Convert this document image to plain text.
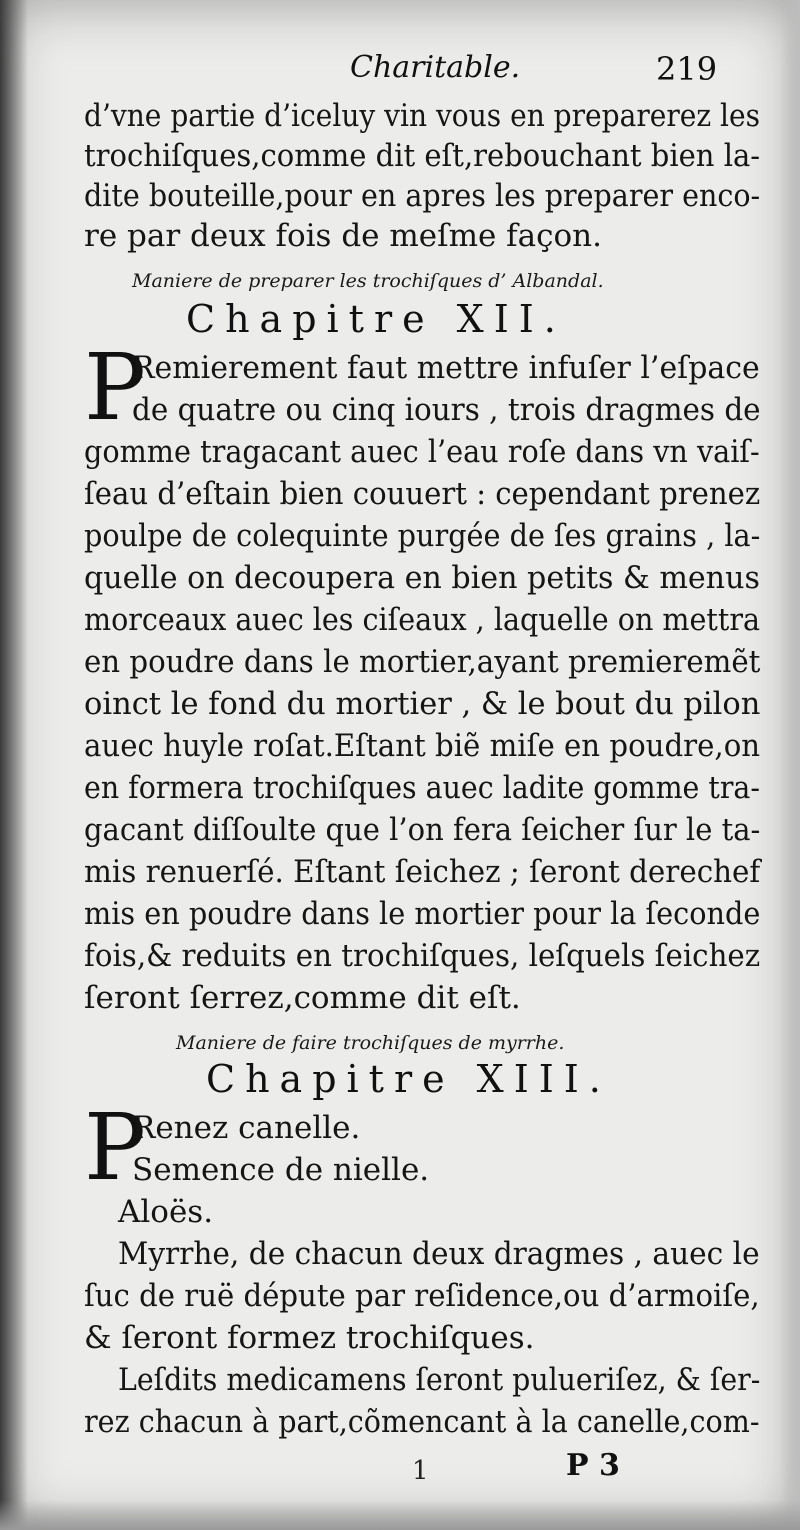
Charitable.	219
d’vne partie d’iceluy vin vous en preparerez les
trochiſques,comme dit eſt,rebouchant bien la-
dite bouteille,pour en apres les preparer enco-
re par deux fois de meſme façon.
Maniere de preparer les trochiſques d’ Albandal.
Chapitre XII.
P
Remierement faut mettre infuſer l’eſpace
de quatre ou cinq iours , trois dragmes de
gomme tragacant auec l’eau roſe dans vn vaiſ-
ſeau d’eſtain bien couuert : cependant prenez
poulpe de colequinte purgée de ſes grains , la-
quelle on decoupera en bien petits & menus
morceaux auec les ciſeaux , laquelle on mettra
en poudre dans le mortier,ayant premieremẽt
oinct le fond du mortier , & le bout du pilon
auec huyle roſat.Eſtant biẽ miſe en poudre,on
en formera trochiſques auec ladite gomme tra-
gacant diſſoulte que l’on fera ſeicher ſur le ta-
mis renuerſé. Eſtant ſeichez ; ſeront derechef
mis en poudre dans le mortier pour la ſeconde
fois,& reduits en trochiſques, leſquels ſeichez
ſeront ſerrez,comme dit eſt.
Maniere de faire trochiſques de myrrhe.
Chapitre XIII.
P
Renez canelle.
Semence de nielle.
Aloës.
Myrrhe, de chacun deux dragmes , auec le
ſuc de ruë députe par reſidence,ou d’armoiſe,
& ſeront formez trochiſques.
Leſdits medicamens ſeront pulueriſez, & ſer-
rez chacun à part,cõmencant à la canelle,com-
1	P 3
